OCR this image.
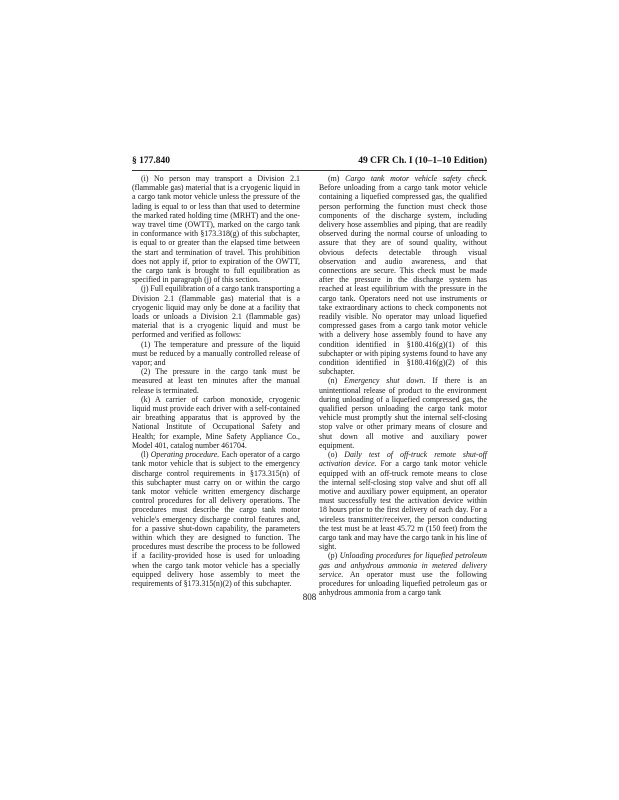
§ 177.840	49 CFR Ch. I (10–1–10 Edition)

(i) No person may transport a Division 2.1 (flammable gas) material that is a cryogenic liquid in a cargo tank motor vehicle unless the pressure of the lading is equal to or less than that used to determine the marked rated holding time (MRHT) and the one-way travel time (OWTT), marked on the cargo tank in conformance with §173.318(g) of this subchapter, is equal to or greater than the elapsed time between the start and termination of travel. This prohibition does not apply if, prior to expiration of the OWTT, the cargo tank is brought to full equilibration as specified in paragraph (j) of this section.

(j) Full equilibration of a cargo tank transporting a Division 2.1 (flammable gas) material that is a cryogenic liquid may only be done at a facility that loads or unloads a Division 2.1 (flammable gas) material that is a cryogenic liquid and must be performed and verified as follows:

(1) The temperature and pressure of the liquid must be reduced by a manually controlled release of vapor; and

(2) The pressure in the cargo tank must be measured at least ten minutes after the manual release is terminated.

(k) A carrier of carbon monoxide, cryogenic liquid must provide each driver with a self-contained air breathing apparatus that is approved by the National Institute of Occupational Safety and Health; for example, Mine Safety Appliance Co., Model 401, catalog number 461704.

(l) Operating procedure. Each operator of a cargo tank motor vehicle that is subject to the emergency discharge control requirements in §173.315(n) of this subchapter must carry on or within the cargo tank motor vehicle written emergency discharge control procedures for all delivery operations. The procedures must describe the cargo tank motor vehicle's emergency discharge control features and, for a passive shut-down capability, the parameters within which they are designed to function. The procedures must describe the process to be followed if a facility-provided hose is used for unloading when the cargo tank motor vehicle has a specially equipped delivery hose assembly to meet the requirements of §173.315(n)(2) of this subchapter.

(m) Cargo tank motor vehicle safety check. Before unloading from a cargo tank motor vehicle containing a liquefied compressed gas, the qualified person performing the function must check those components of the discharge system, including delivery hose assemblies and piping, that are readily observed during the normal course of unloading to assure that they are of sound quality, without obvious defects detectable through visual observation and audio awareness, and that connections are secure. This check must be made after the pressure in the discharge system has reached at least equilibrium with the pressure in the cargo tank. Operators need not use instruments or take extraordinary actions to check components not readily visible. No operator may unload liquefied compressed gases from a cargo tank motor vehicle with a delivery hose assembly found to have any condition identified in §180.416(g)(1) of this subchapter or with piping systems found to have any condition identified in §180.416(g)(2) of this subchapter.

(n) Emergency shut down. If there is an unintentional release of product to the environment during unloading of a liquefied compressed gas, the qualified person unloading the cargo tank motor vehicle must promptly shut the internal self-closing stop valve or other primary means of closure and shut down all motive and auxiliary power equipment.

(o) Daily test of off-truck remote shut-off activation device. For a cargo tank motor vehicle equipped with an off-truck remote means to close the internal self-closing stop valve and shut off all motive and auxiliary power equipment, an operator must successfully test the activation device within 18 hours prior to the first delivery of each day. For a wireless transmitter/receiver, the person conducting the test must be at least 45.72 m (150 feet) from the cargo tank and may have the cargo tank in his line of sight.

(p) Unloading procedures for liquefied petroleum gas and anhydrous ammonia in metered delivery service. An operator must use the following procedures for unloading liquefied petroleum gas or anhydrous ammonia from a cargo tank

808
